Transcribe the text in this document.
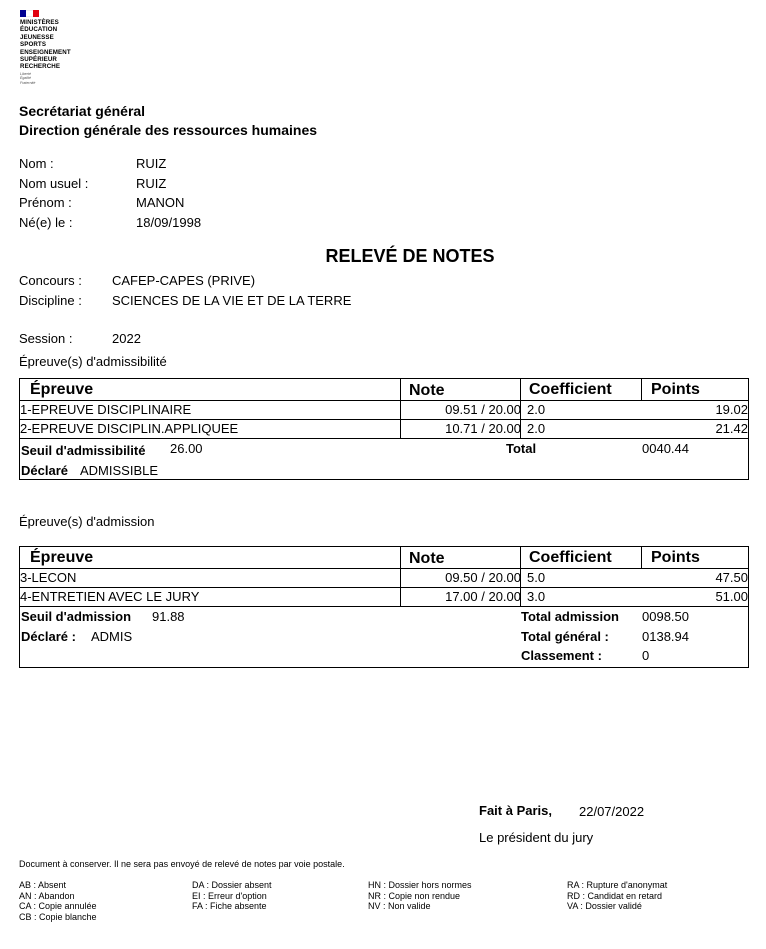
MINISTÈRES
ÉDUCATION
JEUNESSE
SPORTS
ENSEIGNEMENT
SUPÉRIEUR
RECHERCHE
Liberté
Égalité
Fraternité
Secrétariat général
Direction générale des ressources humaines
Nom :	RUIZ
Nom usuel :	RUIZ
Prénom :	MANON
Né(e) le :	18/09/1998
RELEVÉ DE NOTES
Concours : CAFEP-CAPES (PRIVE)
Discipline : SCIENCES DE LA VIE ET DE LA TERRE
Session :	2022
Épreuve(s) d'admissibilité
Épreuve	Note	Coefficient Points
1-EPREUVE DISCIPLINAIRE	09.51 / 20.00 2.0	19.02
2-EPREUVE DISCIPLIN.APPLIQUEE	10.71 / 20.00 2.0	21.42
Seuil d'admissibilité 26.00	Total	0040.44
Déclaré ADMISSIBLE
Épreuve(s) d'admission
Épreuve	Note	Coefficient Points
3-LECON	09.50 / 20.00 5.0	47.50
4-ENTRETIEN AVEC LE JURY	17.00 / 20.00 3.0	51.00
Seuil d'admission 91.88
Déclaré : ADMIS
Total admission 0098.50
Total général :	0138.94
Classement :	0
Fait à Paris, 22/07/2022
Le président du jury
Document à conserver. Il ne sera pas envoyé de relevé de notes par voie postale.
AB : Absent
AN : Abandon
CA : Copie annulée
CB : Copie blanche
DA : Dossier absent
EI : Erreur d'option
FA : Fiche absente
HN : Dossier hors normes
NR : Copie non rendue
NV : Non valide
RA : Rupture d'anonymat
RD : Candidat en retard
VA : Dossier validé
